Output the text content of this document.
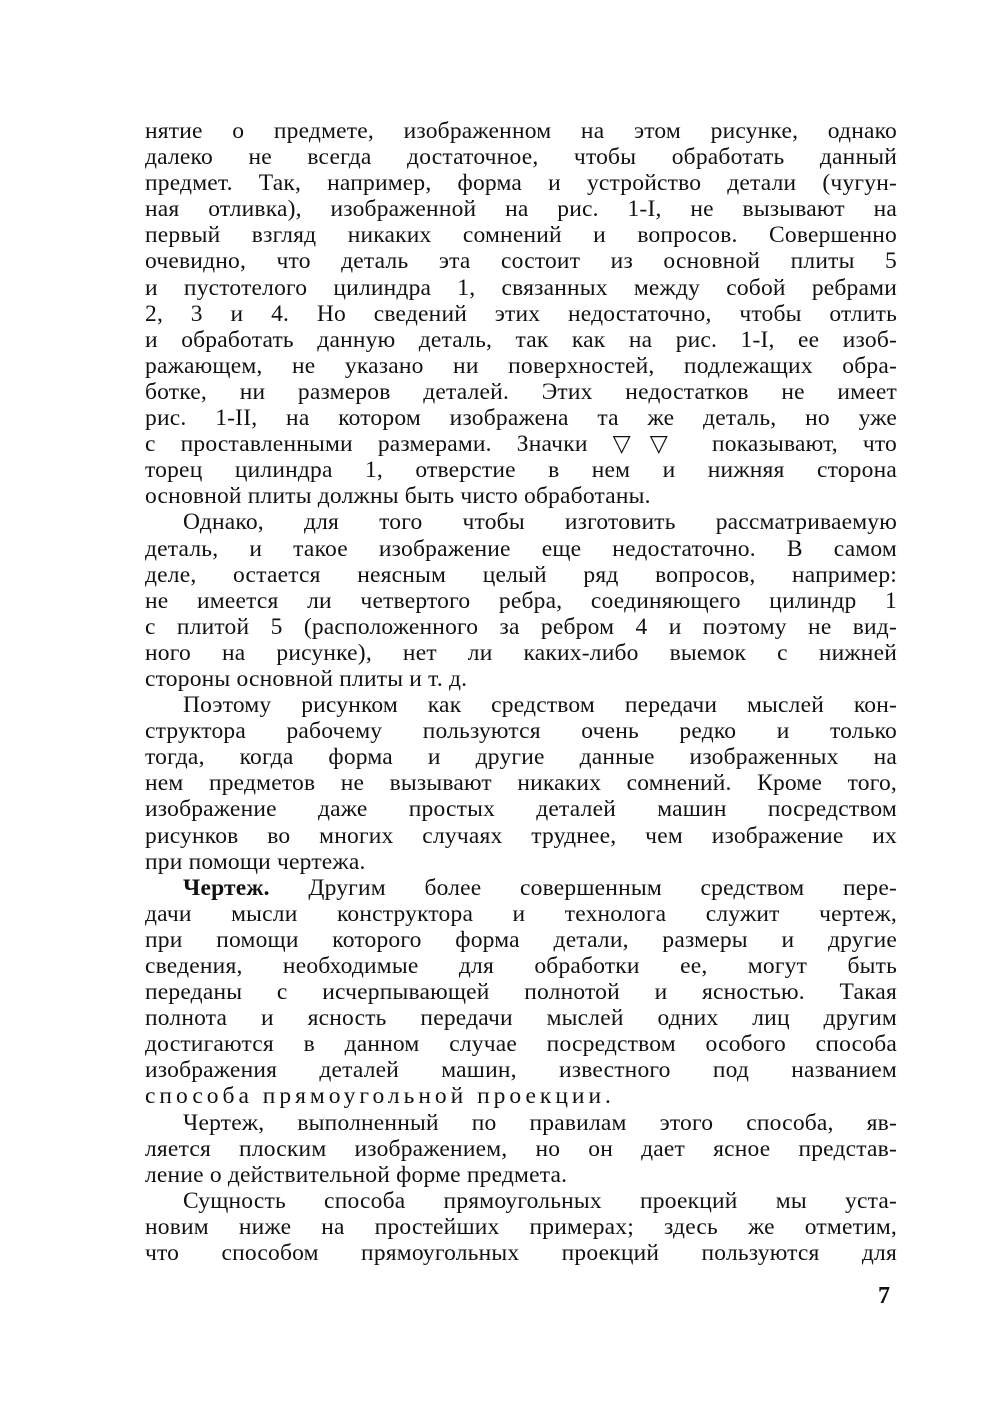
нятие о предмете, изображенном на этом рисунке, однако
далеко не всегда достаточное, чтобы обработать данный
предмет. Так, например, форма и устройство детали (чугун-
ная отливка), изображенной на рис. 1-I, не вызывают на
первый взгляд никаких сомнений и вопросов. Совершенно
очевидно, что деталь эта состоит из основной плиты 5
и пустотелого цилиндра 1, связанных между собой ребрами
2, 3 и 4. Но сведений этих недостаточно, чтобы отлить
и обработать данную деталь, так как на рис. 1-I, ее изоб-
ражающем, не указано ни поверхностей, подлежащих обра-
ботке, ни размеров деталей. Этих недостатков не имеет
рис. 1-II, на котором изображена та же деталь, но уже
с проставленными размерами. Значки ▽▽ показывают, что
торец цилиндра 1, отверстие в нем и нижняя сторона
основной плиты должны быть чисто обработаны.

Однако, для того чтобы изготовить рассматриваемую
деталь, и такое изображение еще недостаточно. В самом
деле, остается неясным целый ряд вопросов, например:
не имеется ли четвертого ребра, соединяющего цилиндр 1
с плитой 5 (расположенного за ребром 4 и поэтому не вид-
ного на рисунке), нет ли каких-либо выемок с нижней
стороны основной плиты и т. д.

Поэтому рисунком как средством передачи мыслей кон-
структора рабочему пользуются очень редко и только
тогда, когда форма и другие данные изображенных на
нем предметов не вызывают никаких сомнений. Кроме того,
изображение даже простых деталей машин посредством
рисунков во многих случаях труднее, чем изображение их
при помощи чертежа.

Чертеж. Другим более совершенным средством пере-
дачи мысли конструктора и технолога служит чертеж,
при помощи которого форма детали, размеры и другие
сведения, необходимые для обработки ее, могут быть
переданы с исчерпывающей полнотой и ясностью. Такая
полнота и ясность передачи мыслей одних лиц другим
достигаются в данном случае посредством особого способа
изображения деталей машин, известного под названием
способа прямоугольной проекции.

Чертеж, выполненный по правилам этого способа, яв-
ляется плоским изображением, но он дает ясное представ-
ление о действительной форме предмета.

Сущность способа прямоугольных проекций мы уста-
новим ниже на простейших примерах; здесь же отметим,
что способом прямоугольных проекций пользуются для

7
